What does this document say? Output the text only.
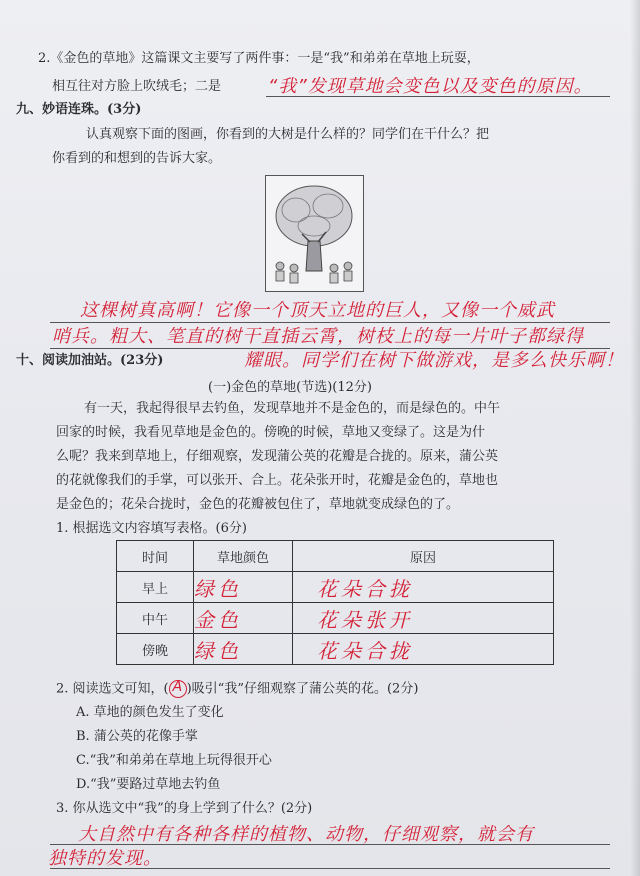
2.《金色的草地》这篇课文主要写了两件事：一是“我”和弟弟在草地上玩耍，
相互往对方脸上吹绒毛；二是	“我”发现草地会变色以及变色的原因。
九、妙语连珠。(3分)
认真观察下面的图画，你看到的大树是什么样的？同学们在干什么？把
你看到的和想到的告诉大家。
这棵树真高啊！它像一个顶天立地的巨人，又像一个威武
哨兵。粗大、笔直的树干直插云霄，树枝上的每一片叶子都绿得
十、阅读加油站。(23分)	耀眼。同学们在树下做游戏，是多么快乐啊！
(一)金色的草地(节选)(12分)
有一天，我起得很早去钓鱼，发现草地并不是金色的，而是绿色的。中午
回家的时候，我看见草地是金色的。傍晚的时候，草地又变绿了。这是为什
么呢？我来到草地上，仔细观察，发现蒲公英的花瓣是合拢的。原来，蒲公英
的花就像我们的手掌，可以张开、合上。花朵张开时，花瓣是金色的，草地也
是金色的；花朵合拢时，金色的花瓣被包住了，草地就变成绿色的了。
1. 根据选文内容填写表格。(6分)
时间	草地颜色	原因
早上	绿色	花朵合拢
中午	金色	花朵张开
傍晚	绿色	花朵合拢
2. 阅读选文可知，( A )吸引“我”仔细观察了蒲公英的花。(2分)
A. 草地的颜色发生了变化
B. 蒲公英的花像手掌
C.“我”和弟弟在草地上玩得很开心
D.“我”要路过草地去钓鱼
3. 你从选文中“我”的身上学到了什么？(2分)
大自然中有各种各样的植物、动物，仔细观察，就会有
独特的发现。
